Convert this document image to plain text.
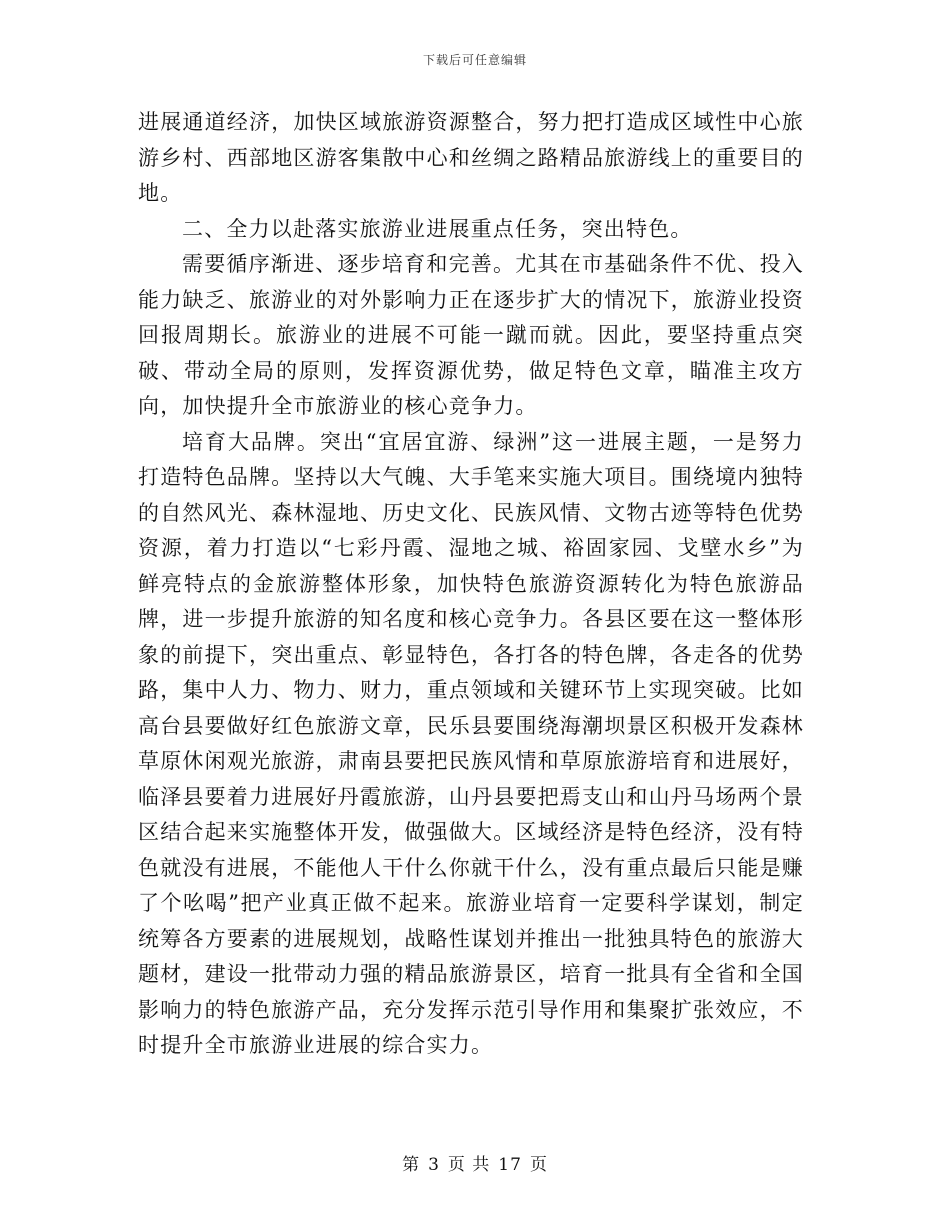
下载后可任意编辑

进展通道经济，加快区域旅游资源整合，努力把打造成区域性中心旅游乡村、西部地区游客集散中心和丝绸之路精品旅游线上的重要目的地。

二、全力以赴落实旅游业进展重点任务，突出特色。

需要循序渐进、逐步培育和完善。尤其在市基础条件不优、投入能力缺乏、旅游业的对外影响力正在逐步扩大的情况下，旅游业投资回报周期长。旅游业的进展不可能一蹴而就。因此，要坚持重点突破、带动全局的原则，发挥资源优势，做足特色文章，瞄准主攻方向，加快提升全市旅游业的核心竞争力。

培育大品牌。突出“宜居宜游、绿洲”这一进展主题，一是努力打造特色品牌。坚持以大气魄、大手笔来实施大项目。围绕境内独特的自然风光、森林湿地、历史文化、民族风情、文物古迹等特色优势资源，着力打造以“七彩丹霞、湿地之城、裕固家园、戈壁水乡”为鲜亮特点的金旅游整体形象，加快特色旅游资源转化为特色旅游品牌，进一步提升旅游的知名度和核心竞争力。各县区要在这一整体形象的前提下，突出重点、彰显特色，各打各的特色牌，各走各的优势路，集中人力、物力、财力，重点领域和关键环节上实现突破。比如高台县要做好红色旅游文章，民乐县要围绕海潮坝景区积极开发森林草原休闲观光旅游，肃南县要把民族风情和草原旅游培育和进展好，临泽县要着力进展好丹霞旅游，山丹县要把焉支山和山丹马场两个景区结合起来实施整体开发，做强做大。区域经济是特色经济，没有特色就没有进展，不能他人干什么你就干什么，没有重点最后只能是赚了个吆喝”把产业真正做不起来。旅游业培育一定要科学谋划，制定统筹各方要素的进展规划，战略性谋划并推出一批独具特色的旅游大题材，建设一批带动力强的精品旅游景区，培育一批具有全省和全国影响力的特色旅游产品，充分发挥示范引导作用和集聚扩张效应，不时提升全市旅游业进展的综合实力。

第 3 页 共 17 页
